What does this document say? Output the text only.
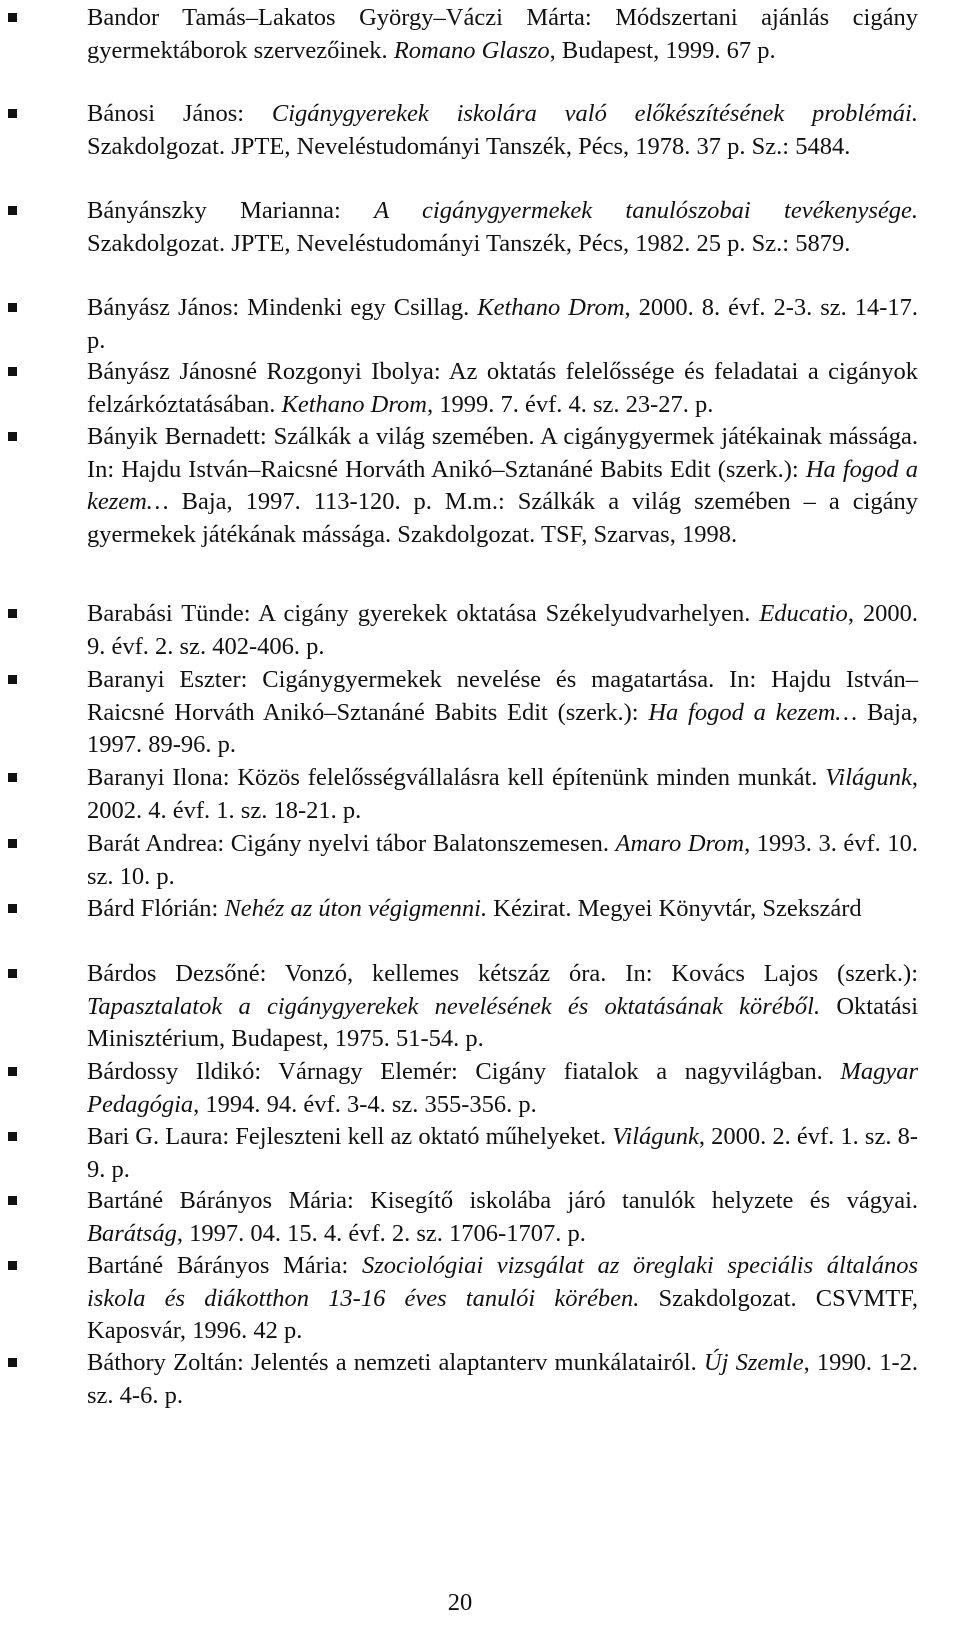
Bandor Tamás–Lakatos György–Váczi Márta: Módszertani ajánlás cigány gyermektáborok szervezőinek. Romano Glaszo, Budapest, 1999. 67 p.
Bánosi János: Cigánygyerekek iskolára való előkészítésének problémái. Szakdolgozat. JPTE, Neveléstudományi Tanszék, Pécs, 1978. 37 p. Sz.: 5484.
Bányánszky Marianna: A cigánygyermekek tanulószobai tevékenysége. Szakdolgozat. JPTE, Neveléstudományi Tanszék, Pécs, 1982. 25 p. Sz.: 5879.
Bányász János: Mindenki egy Csillag. Kethano Drom, 2000. 8. évf. 2-3. sz. 14-17. p.
Bányász Jánosné Rozgonyi Ibolya: Az oktatás felelőssége és feladatai a cigányok felzárkóztatásában. Kethano Drom, 1999. 7. évf. 4. sz. 23-27. p.
Bányik Bernadett: Szálkák a világ szemében. A cigánygyermek játékainak mássága. In: Hajdu István–Raicsné Horváth Anikó–Sztanáné Babits Edit (szerk.): Ha fogod a kezem… Baja, 1997. 113-120. p. M.m.: Szálkák a világ szemében – a cigány gyermekek játékának mássága. Szakdolgozat. TSF, Szarvas, 1998.
Barabási Tünde: A cigány gyerekek oktatása Székelyudvarhelyen. Educatio, 2000. 9. évf. 2. sz. 402-406. p.
Baranyi Eszter: Cigánygyermekek nevelése és magatartása. In: Hajdu István–Raicsné Horváth Anikó–Sztanáné Babits Edit (szerk.): Ha fogod a kezem… Baja, 1997. 89-96. p.
Baranyi Ilona: Közös felelősségvállalásra kell építenünk minden munkát. Világunk, 2002. 4. évf. 1. sz. 18-21. p.
Barát Andrea: Cigány nyelvi tábor Balatonszemesen. Amaro Drom, 1993. 3. évf. 10. sz. 10. p.
Bárd Flórián: Nehéz az úton végigmenni. Kézirat. Megyei Könyvtár, Szekszárd
Bárdos Dezsőné: Vonzó, kellemes kétszáz óra. In: Kovács Lajos (szerk.): Tapasztalatok a cigánygyerekek nevelésének és oktatásának köréből. Oktatási Minisztérium, Budapest, 1975. 51-54. p.
Bárdossy Ildikó: Várnagy Elemér: Cigány fiatalok a nagyvilágban. Magyar Pedagógia, 1994. 94. évf. 3-4. sz. 355-356. p.
Bari G. Laura: Fejleszteni kell az oktató műhelyeket. Világunk, 2000. 2. évf. 1. sz. 8-9. p.
Bartáné Bárányos Mária: Kisegítő iskolába járó tanulók helyzete és vágyai. Barátság, 1997. 04. 15. 4. évf. 2. sz. 1706-1707. p.
Bartáné Bárányos Mária: Szociológiai vizsgálat az öreglaki speciális általános iskola és diákotthon 13-16 éves tanulói körében. Szakdolgozat. CSVMTF, Kaposvár, 1996. 42 p.
Báthory Zoltán: Jelentés a nemzeti alaptanterv munkálatairól. Új Szemle, 1990. 1-2. sz. 4-6. p.
20
